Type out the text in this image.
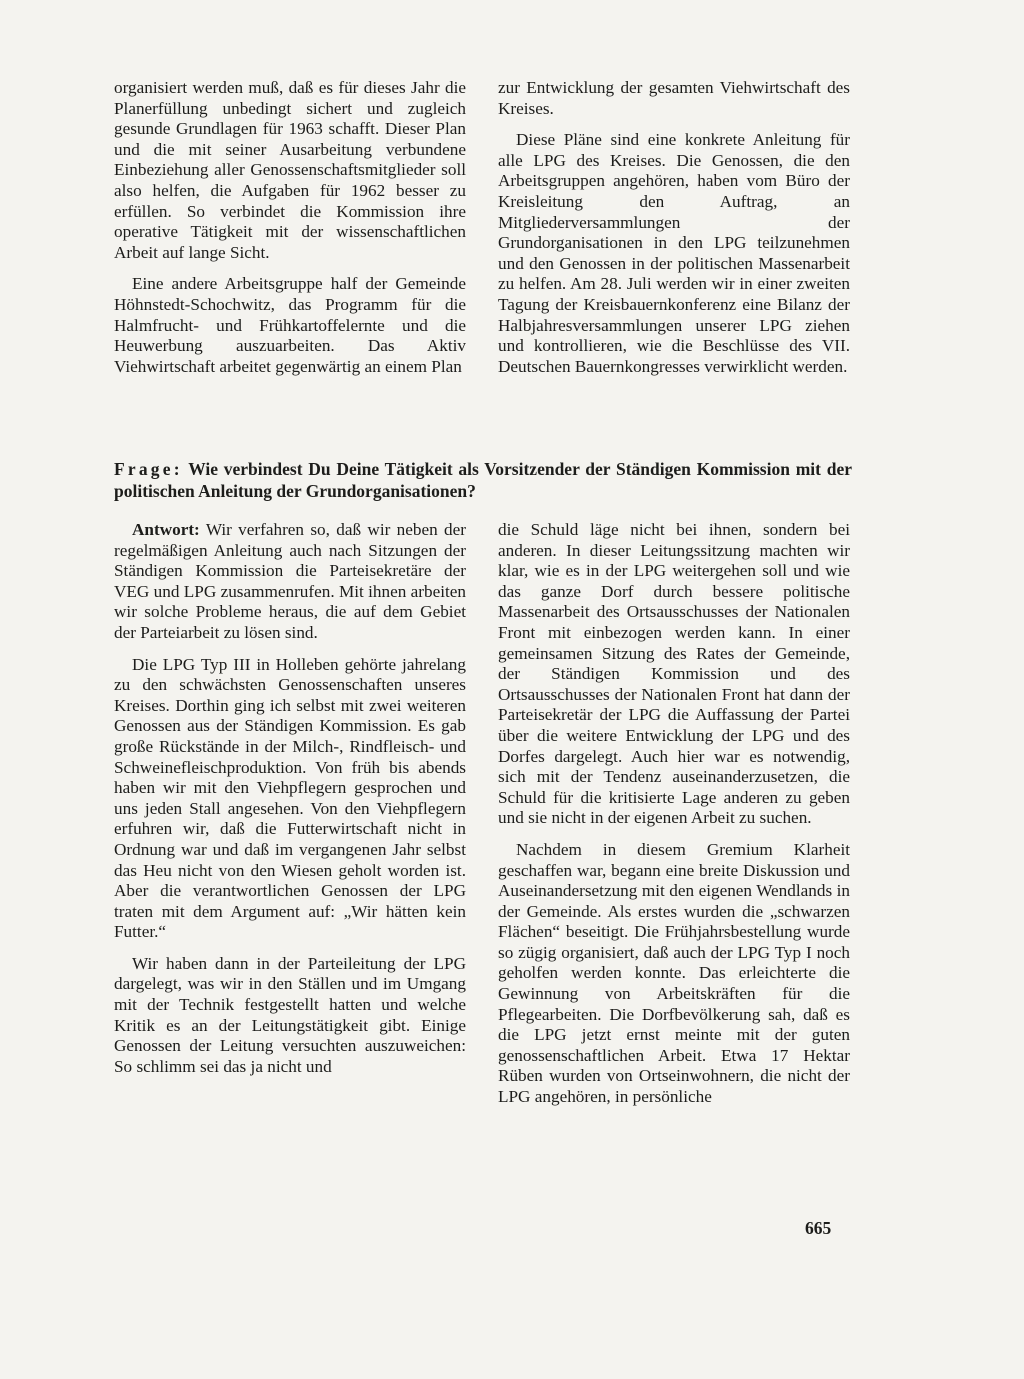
organisiert werden muß, daß es für dieses Jahr die Planerfüllung unbedingt sichert und zugleich gesunde Grundlagen für 1963 schafft. Dieser Plan und die mit seiner Ausarbeitung verbundene Einbeziehung aller Genossenschaftsmitglieder soll also helfen, die Aufgaben für 1962 besser zu erfüllen. So verbindet die Kommission ihre operative Tätigkeit mit der wissenschaftlichen Arbeit auf lange Sicht.

Eine andere Arbeitsgruppe half der Gemeinde Höhnstedt-Schochwitz, das Programm für die Halmfrucht- und Frühkartoffelernte und die Heuwerbung auszuarbeiten. Das Aktiv Viehwirtschaft arbeitet gegenwärtig an einem Plan

zur Entwicklung der gesamten Viehwirtschaft des Kreises.

Diese Pläne sind eine konkrete Anleitung für alle LPG des Kreises. Die Genossen, die den Arbeitsgruppen angehören, haben vom Büro der Kreisleitung den Auftrag, an Mitgliederversammlungen der Grundorganisationen in den LPG teilzunehmen und den Genossen in der politischen Massenarbeit zu helfen. Am 28. Juli werden wir in einer zweiten Tagung der Kreisbauernkonferenz eine Bilanz der Halbjahresversammlungen unserer LPG ziehen und kontrollieren, wie die Beschlüsse des VII. Deutschen Bauernkongresses verwirklicht werden.

Frage: Wie verbindest Du Deine Tätigkeit als Vorsitzender der Ständigen Kommission mit der politischen Anleitung der Grundorganisationen?

Antwort: Wir verfahren so, daß wir neben der regelmäßigen Anleitung auch nach Sitzungen der Ständigen Kommission die Parteisekretäre der VEG und LPG zusammenrufen. Mit ihnen arbeiten wir solche Probleme heraus, die auf dem Gebiet der Parteiarbeit zu lösen sind.

Die LPG Typ III in Holleben gehörte jahrelang zu den schwächsten Genossenschaften unseres Kreises. Dorthin ging ich selbst mit zwei weiteren Genossen aus der Ständigen Kommission. Es gab große Rückstände in der Milch-, Rindfleisch- und Schweinefleischproduktion. Von früh bis abends haben wir mit den Viehpflegern gesprochen und uns jeden Stall angesehen. Von den Viehpflegern erfuhren wir, daß die Futterwirtschaft nicht in Ordnung war und daß im vergangenen Jahr selbst das Heu nicht von den Wiesen geholt worden ist. Aber die verantwortlichen Genossen der LPG traten mit dem Argument auf: „Wir hätten kein Futter.“

Wir haben dann in der Parteileitung der LPG dargelegt, was wir in den Ställen und im Umgang mit der Technik festgestellt hatten und welche Kritik es an der Leitungstätigkeit gibt. Einige Genossen der Leitung versuchten auszuweichen: So schlimm sei das ja nicht und

die Schuld läge nicht bei ihnen, sondern bei anderen. In dieser Leitungssitzung machten wir klar, wie es in der LPG weitergehen soll und wie das ganze Dorf durch bessere politische Massenarbeit des Ortsausschusses der Nationalen Front mit einbezogen werden kann. In einer gemeinsamen Sitzung des Rates der Gemeinde, der Ständigen Kommission und des Ortsausschusses der Nationalen Front hat dann der Parteisekretär der LPG die Auffassung der Partei über die weitere Entwicklung der LPG und des Dorfes dargelegt. Auch hier war es notwendig, sich mit der Tendenz auseinanderzusetzen, die Schuld für die kritisierte Lage anderen zu geben und sie nicht in der eigenen Arbeit zu suchen.

Nachdem in diesem Gremium Klarheit geschaffen war, begann eine breite Diskussion und Auseinandersetzung mit den eigenen Wendlands in der Gemeinde. Als erstes wurden die „schwarzen Flächen“ beseitigt. Die Frühjahrsbestellung wurde so zügig organisiert, daß auch der LPG Typ I noch geholfen werden konnte. Das erleichterte die Gewinnung von Arbeitskräften für die Pflegearbeiten. Die Dorfbevölkerung sah, daß es die LPG jetzt ernst meinte mit der guten genossenschaftlichen Arbeit. Etwa 17 Hektar Rüben wurden von Ortseinwohnern, die nicht der LPG angehören, in persönliche

665
